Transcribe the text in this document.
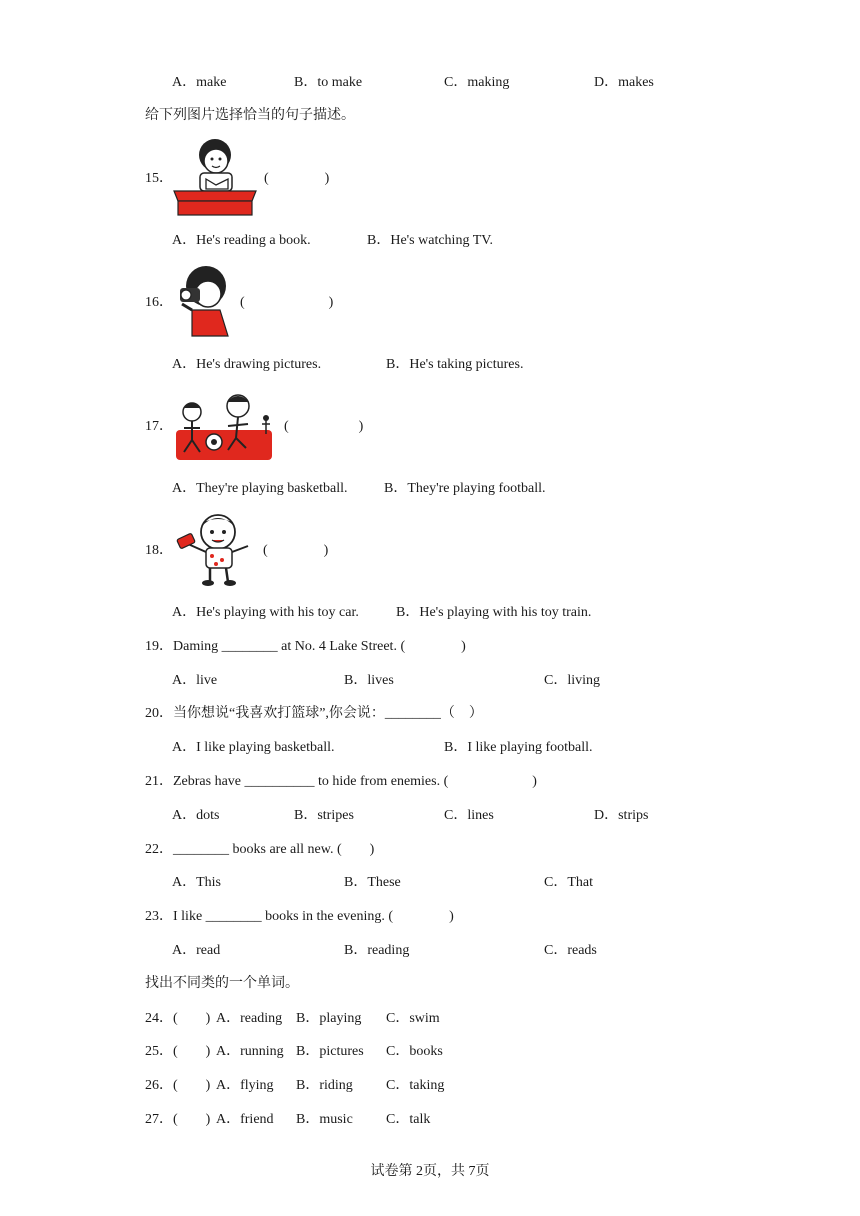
A．make	B．to make	C．making	D．makes
给下列图片选择恰当的句子描述。
15．	(　　　　)
A．He's reading a book.	B．He's watching TV.
16．	(　　　　　　)
A．He's drawing pictures.	B．He's taking pictures.
17．	(　　　　　)
A．They're playing basketball.	B．They're playing football.
18．	(　　　　)
A．He's playing with his toy car.	B．He's playing with his toy train.
19．Daming ________ at No. 4 Lake Street. (　　　　)
A．live	B．lives	C．living
20．当你想说“我喜欢打篮球”,你会说：________（　）
A．I like playing basketball.	B．I like playing football.
21．Zebras have __________ to hide from enemies. (　　　　　　)
A．dots	B．stripes	C．lines	D．strips
22．________ books are all new. (　　)
A．This	B．These	C．That
23．I like ________ books in the evening. (　　　　)
A．read	B．reading	C．reads
找出不同类的一个单词。
24．(　　) A．reading B．playing C．swim
25．(　　) A．running B．pictures C．books
26．(　　) A．flying B．riding C．taking
27．(　　) A．friend B．music C．talk
试卷第 2页，共 7页
